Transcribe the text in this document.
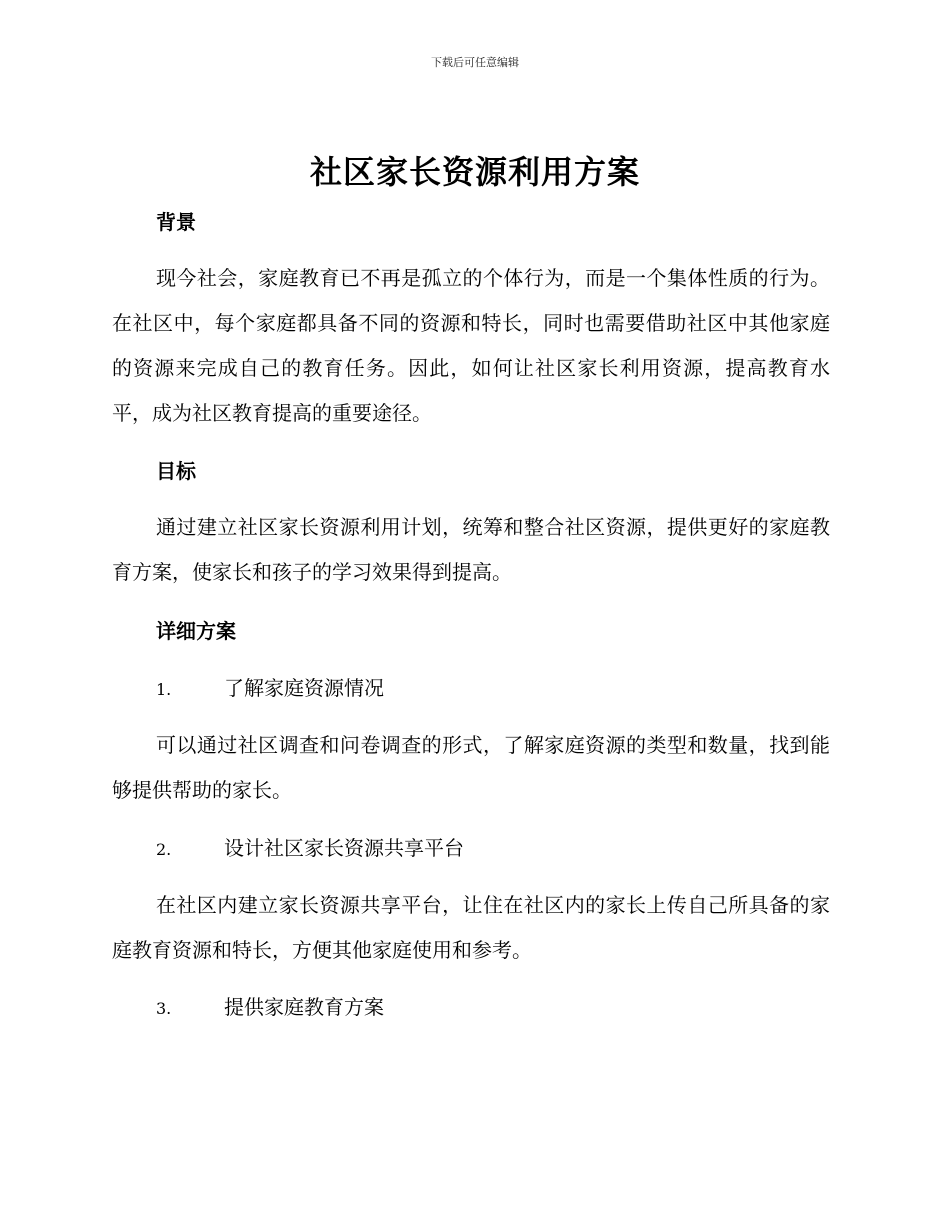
下载后可任意编辑
社区家长资源利用方案
背景

现今社会，家庭教育已不再是孤立的个体行为，而是一个集体性质的行为。在社区中，每个家庭都具备不同的资源和特长，同时也需要借助社区中其他家庭的资源来完成自己的教育任务。因此，如何让社区家长利用资源，提高教育水平，成为社区教育提高的重要途径。

目标

通过建立社区家长资源利用计划，统筹和整合社区资源，提供更好的家庭教育方案，使家长和孩子的学习效果得到提高。

详细方案
1.	了解家庭资源情况

可以通过社区调查和问卷调查的形式，了解家庭资源的类型和数量，找到能够提供帮助的家长。

2.	设计社区家长资源共享平台

在社区内建立家长资源共享平台，让住在社区内的家长上传自己所具备的家庭教育资源和特长，方便其他家庭使用和参考。

3.	提供家庭教育方案
